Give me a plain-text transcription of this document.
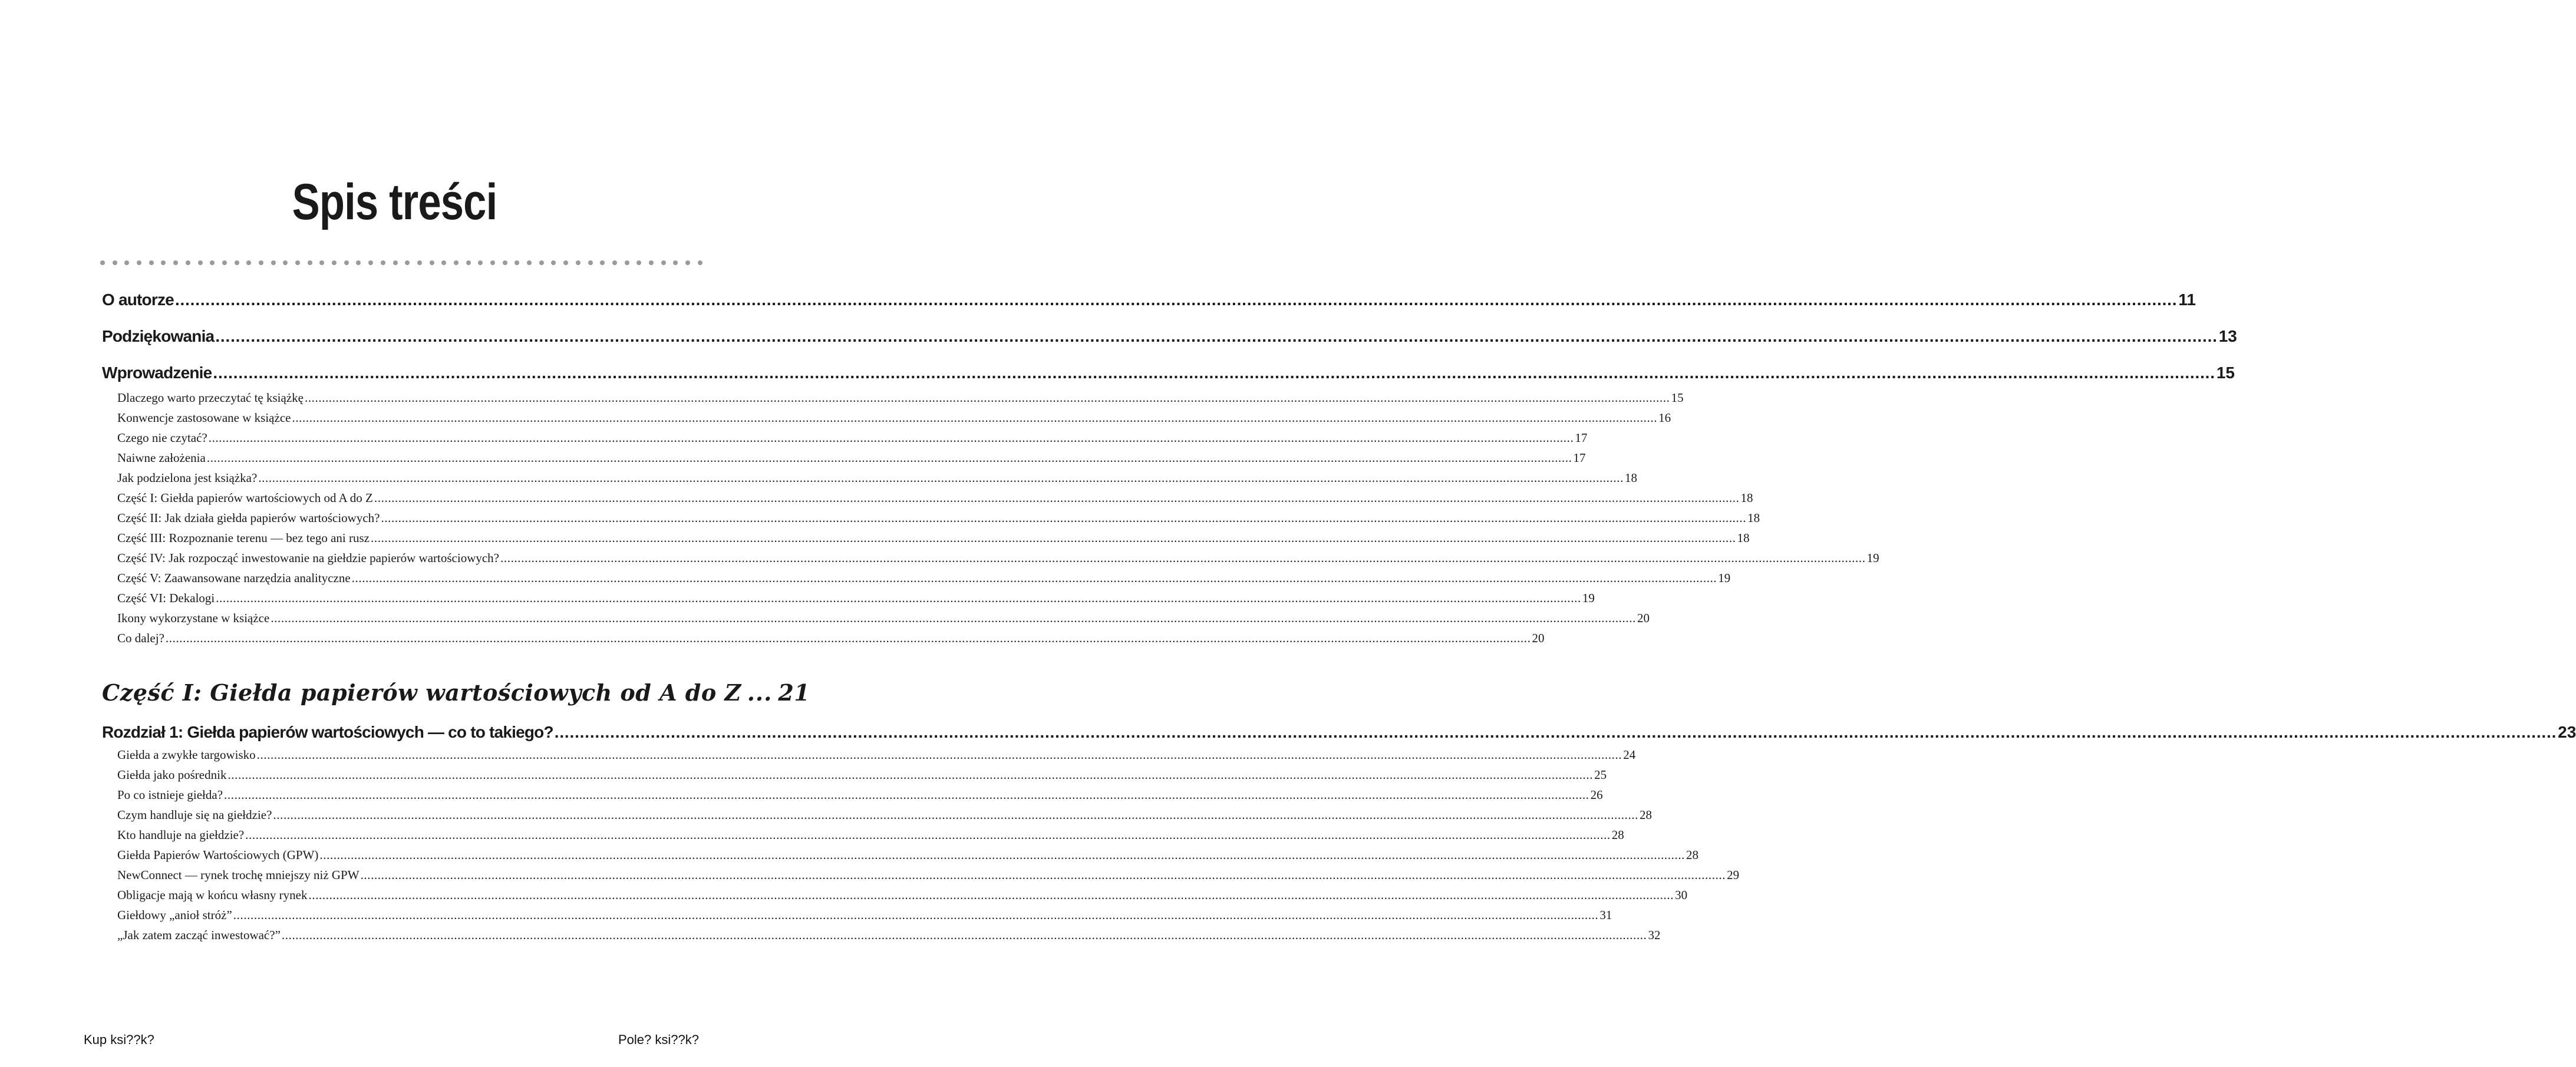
Spis treści
O autorze .....	11
Podziękowania .....	13
Wprowadzenie .....	15
Dlaczego warto przeczytać tę książkę .....	15
Konwencje zastosowane w książce .....	16
Czego nie czytać? .....	17
Naiwne założenia .....	17
Jak podzielona jest książka? .....	18
Część I: Giełda papierów wartościowych od A do Z .....	18
Część II: Jak działa giełda papierów wartościowych? .....	18
Część III: Rozpoznanie terenu — bez tego ani rusz .....	18
Część IV: Jak rozpocząć inwestowanie na giełdzie papierów wartościowych? .....	19
Część V: Zaawansowane narzędzia analityczne .....	19
Część VI: Dekalogi .....	19
Ikony wykorzystane w książce .....	20
Co dalej? .....	20
Część I: Giełda papierów wartościowych od A do Z ... 21
Rozdział 1: Giełda papierów wartościowych — co to takiego? .....	23
Giełda a zwykłe targowisko .....	24
Giełda jako pośrednik .....	25
Po co istnieje giełda? .....	26
Czym handluje się na giełdzie? .....	28
Kto handluje na giełdzie? .....	28
Giełda Papierów Wartościowych (GPW) .....	28
NewConnect — rynek trochę mniejszy niż GPW .....	29
Obligacje mają w końcu własny rynek .....	30
Giełdowy „anioł stróż” .....	31
„Jak zatem zacząć inwestować?” .....	32
Kup ksi??k?	Pole? ksi??k?
